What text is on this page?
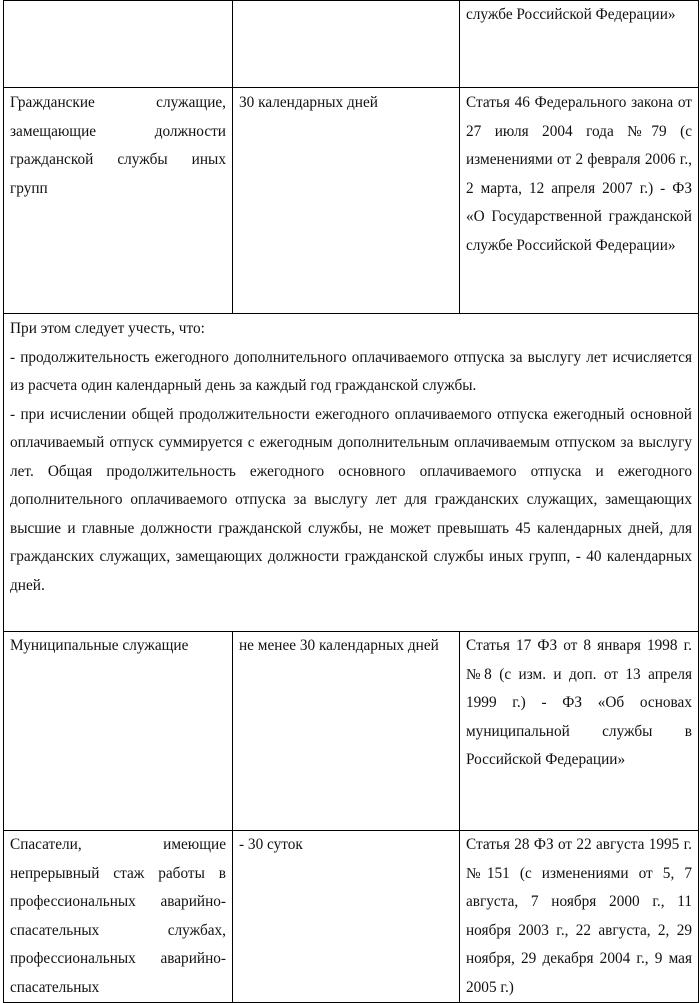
		службе Российской Федерации»

Гражданские служащие, замещающие должности гражданской службы иных групп	30 календарных дней	Статья 46 Федерального закона от 27 июля 2004 года №79 (с изменениями от 2 февраля 2006 г., 2 марта, 12 апреля 2007 г.) - ФЗ «О Государственной гражданской службе Российской Федерации»

При этом следует учесть, что:

- продолжительность ежегодного дополнительного оплачиваемого отпуска за выслугу лет исчисляется из расчета один календарный день за каждый год гражданской службы.

- при исчислении общей продолжительности ежегодного оплачиваемого отпуска ежегодный основной оплачиваемый отпуск суммируется с ежегодным дополнительным оплачиваемым отпуском за выслугу лет. Общая продолжительность ежегодного основного оплачиваемого отпуска и ежегодного дополнительного оплачиваемого отпуска за выслугу лет для гражданских служащих, замещающих высшие и главные должности гражданской службы, не может превышать 45 календарных дней, для гражданских служащих, замещающих должности гражданской службы иных групп, - 40 календарных дней.		

Муниципальные служащие	не менее 30 календарных дней	Статья 17 ФЗ от 8 января 1998 г. №8 (с изм. и доп. от 13 апреля 1999 г.) - ФЗ «Об основах муниципальной службы в Российской Федерации»
Спасатели, имеющие непрерывный стаж работы в профессиональных аварийно-спасательных службах, профессиональных аварийно-спасательных	- 30 суток	Статья 28 ФЗ от 22 августа 1995 г. №151 (с изменениями от 5, 7 августа, 7 ноября 2000 г., 11 ноября 2003 г., 22 августа, 2, 29 ноября, 29 декабря 2004 г., 9 мая 2005 г.)
